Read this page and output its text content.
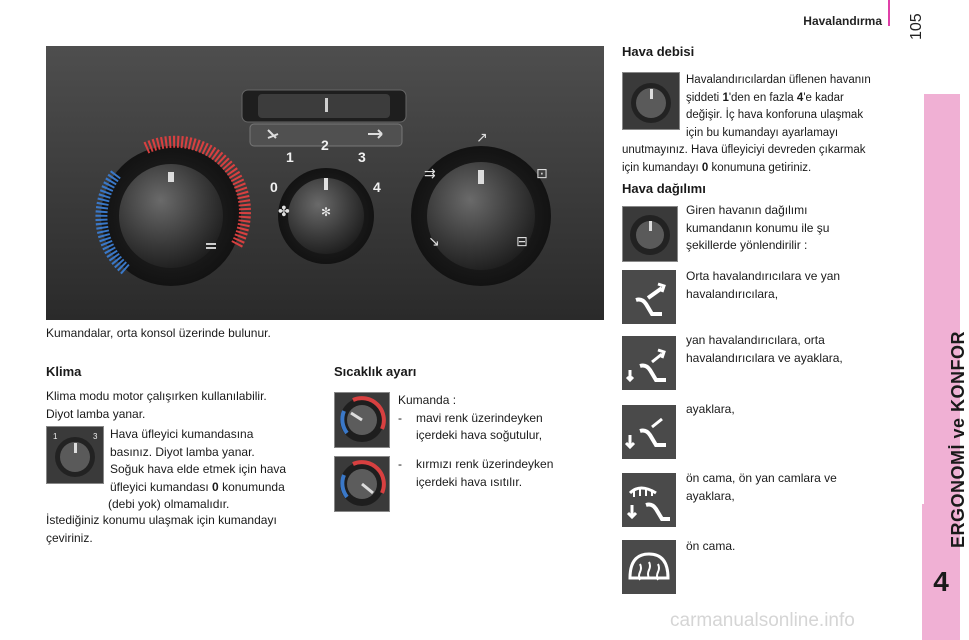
Havalandırma 105
ERGONOMİ ve KONFOR
4
✻
0
1
2
3
4
✤
↗
⇉	⊡
↘	⊟
Kumandalar, orta konsol üzerinde bulunur.
Klima
Klima modu motor çalışırken kullanılabilir.
Diyot lamba yanar.
1	3 Hava üfleyici kumandasına
basınız. Diyot lamba yanar.
Soğuk hava elde etmek için hava
üfleyici kumandası 0 konumunda
(debi yok) olmamalıdır.
İstediğiniz konumu ulaşmak için kumandayı
çeviriniz.
Sıcaklık ayarı
Kumanda :
-	mavi renk üzerindeyken
içerdeki hava soğutulur,
-	kırmızı renk üzerindeyken
içerdeki hava ısıtılır.
Hava debisi
Havalandırıcılardan üflenen havanın
şiddeti 1'den en fazla 4'e kadar
değişir. İç hava konforuna ulaşmak
için bu kumandayı ayarlamayı
unutmayınız. Hava üfleyiciyi devreden çıkarmak
için kumandayı 0 konumuna getiriniz.
Hava dağılımı
Giren havanın dağılımı
kumandanın konumu ile şu
şekillerde yönlendirilir :
Orta havalandırıcılara ve yan
havalandırıcılara,
yan havalandırıcılara, orta
havalandırıcılara ve ayaklara,
ayaklara,
ön cama, ön yan camlara ve
ayaklara,
ön cama.
carmanualsonline.info
